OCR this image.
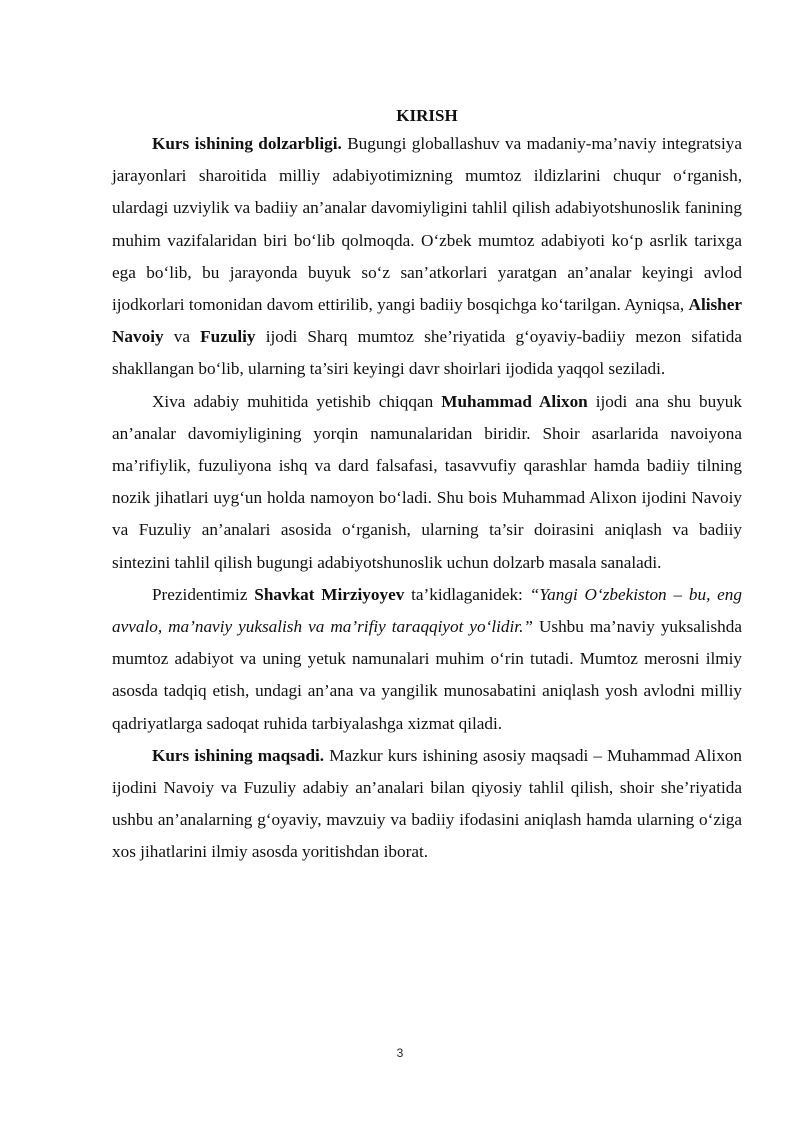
KIRISH

Kurs ishining dolzarbligi. Bugungi globallashuv va madaniy-ma’naviy integratsiya jarayonlari sharoitida milliy adabiyotimizning mumtoz ildizlarini chuqur o‘rganish, ulardagi uzviylik va badiiy an’analar davomiyligini tahlil qilish adabiyotshunoslik fanining muhim vazifalaridan biri bo‘lib qolmoqda. O‘zbek mumtoz adabiyoti ko‘p asrlik tarixga ega bo‘lib, bu jarayonda buyuk so‘z san’atkorlari yaratgan an’analar keyingi avlod ijodkorlari tomonidan davom ettirilib, yangi badiiy bosqichga ko‘tarilgan. Ayniqsa, Alisher Navoiy va Fuzuliy ijodi Sharq mumtoz she’riyatida g‘oyaviy-badiiy mezon sifatida shakllangan bo‘lib, ularning ta’siri keyingi davr shoirlari ijodida yaqqol seziladi.

Xiva adabiy muhitida yetishib chiqqan Muhammad Alixon ijodi ana shu buyuk an’analar davomiyligining yorqin namunalaridan biridir. Shoir asarlarida navoiyona ma’rifiylik, fuzuliyona ishq va dard falsafasi, tasavvufiy qarashlar hamda badiiy tilning nozik jihatlari uyg‘un holda namoyon bo‘ladi. Shu bois Muhammad Alixon ijodini Navoiy va Fuzuliy an’analari asosida o‘rganish, ularning ta’sir doirasini aniqlash va badiiy sintezini tahlil qilish bugungi adabiyotshunoslik uchun dolzarb masala sanaladi.

Prezidentimiz Shavkat Mirziyoyev ta’kidlaganidek: “Yangi O‘zbekiston – bu, eng avvalo, ma’naviy yuksalish va ma’rifiy taraqqiyot yo‘lidir.” Ushbu ma’naviy yuksalishda mumtoz adabiyot va uning yetuk namunalari muhim o‘rin tutadi. Mumtoz merosni ilmiy asosda tadqiq etish, undagi an’ana va yangilik munosabatini aniqlash yosh avlodni milliy qadriyatlarga sadoqat ruhida tarbiyalashga xizmat qiladi.

Kurs ishining maqsadi. Mazkur kurs ishining asosiy maqsadi – Muhammad Alixon ijodini Navoiy va Fuzuliy adabiy an’analari bilan qiyosiy tahlil qilish, shoir she’riyatida ushbu an’analarning g‘oyaviy, mavzuiy va badiiy ifodasini aniqlash hamda ularning o‘ziga xos jihatlarini ilmiy asosda yoritishdan iborat.

3
